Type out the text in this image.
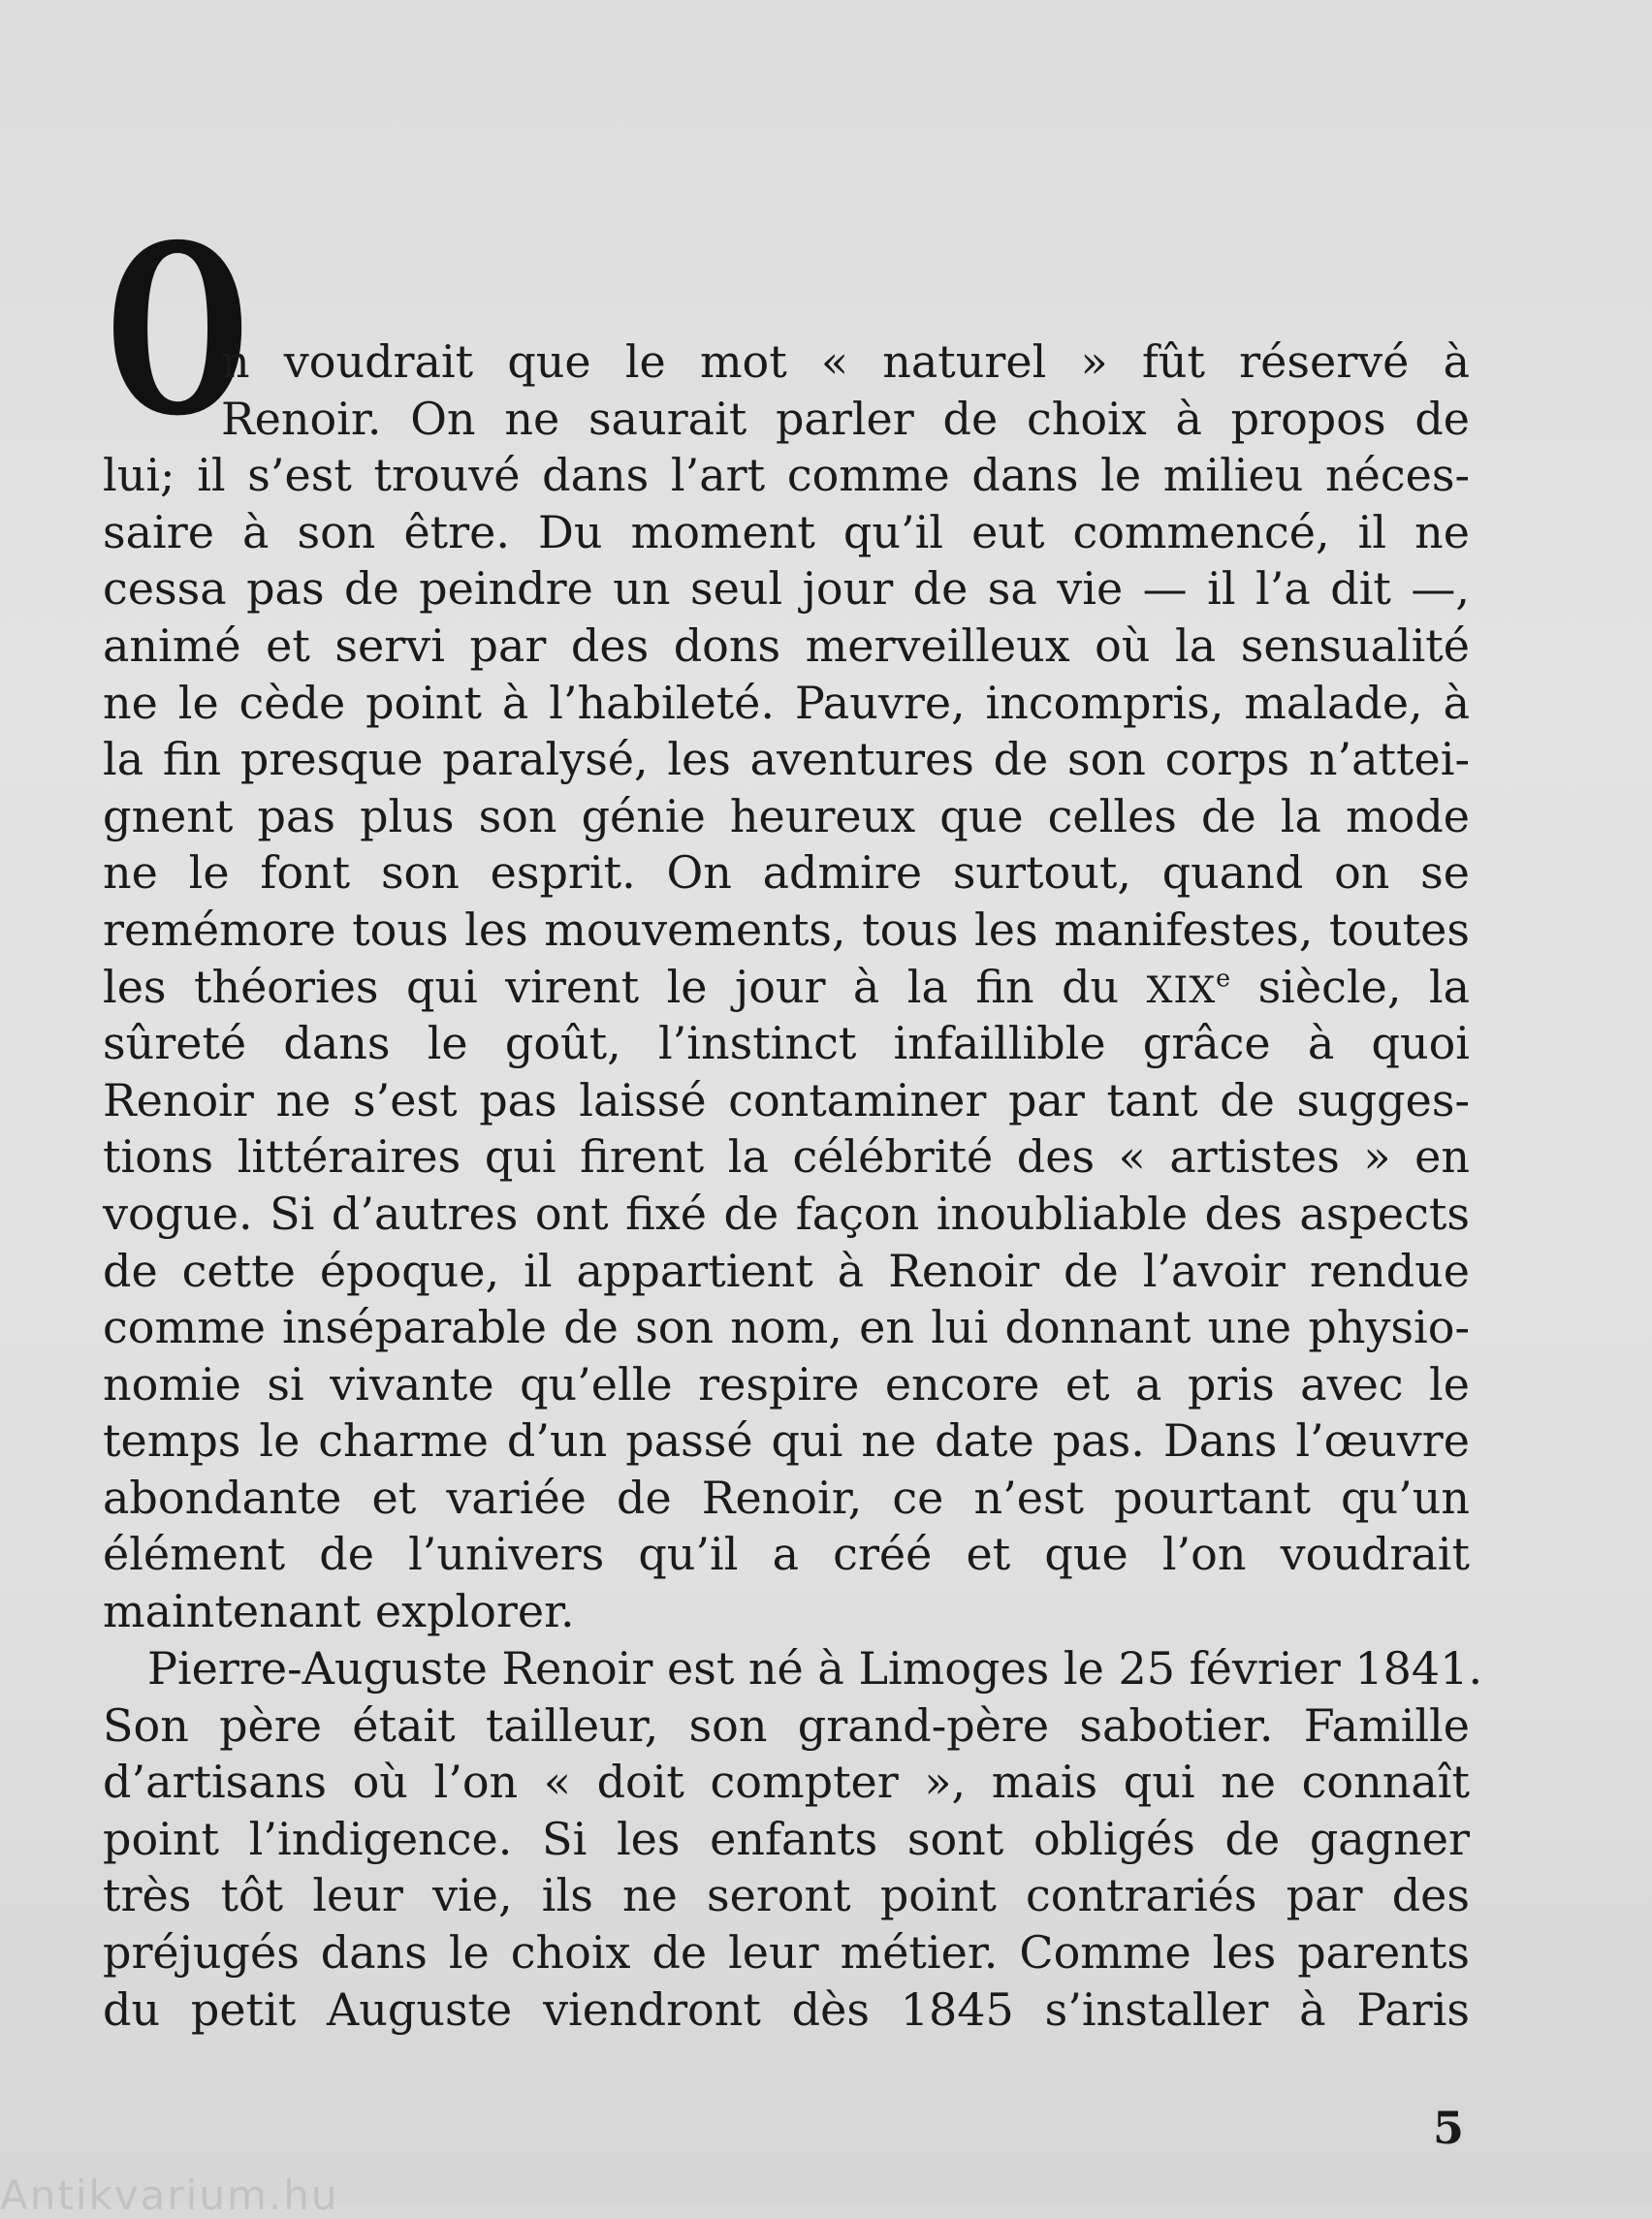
O
n voudrait que le mot « naturel » fût réservé à
Renoir. On ne saurait parler de choix à propos de
lui; il s’est trouvé dans l’art comme dans le milieu néces-
saire à son être. Du moment qu’il eut commencé, il ne
cessa pas de peindre un seul jour de sa vie — il l’a dit —,
animé et servi par des dons merveilleux où la sensualité
ne le cède point à l’habileté. Pauvre, incompris, malade, à
la fin presque paralysé, les aventures de son corps n’attei-
gnent pas plus son génie heureux que celles de la mode
ne le font son esprit. On admire surtout, quand on se
remémore tous les mouvements, tous les manifestes, toutes
les théories qui virent le jour à la fin du XIXe siècle, la
sûreté dans le goût, l’instinct infaillible grâce à quoi
Renoir ne s’est pas laissé contaminer par tant de sugges-
tions littéraires qui firent la célébrité des « artistes » en
vogue. Si d’autres ont fixé de façon inoubliable des aspects
de cette époque, il appartient à Renoir de l’avoir rendue
comme inséparable de son nom, en lui donnant une physio-
nomie si vivante qu’elle respire encore et a pris avec le
temps le charme d’un passé qui ne date pas. Dans l’œuvre
abondante et variée de Renoir, ce n’est pourtant qu’un
élément de l’univers qu’il a créé et que l’on voudrait
maintenant explorer.
Pierre-Auguste Renoir est né à Limoges le 25 février 1841.
Son père était tailleur, son grand-père sabotier. Famille
d’artisans où l’on « doit compter », mais qui ne connaît
point l’indigence. Si les enfants sont obligés de gagner
très tôt leur vie, ils ne seront point contrariés par des
préjugés dans le choix de leur métier. Comme les parents
du petit Auguste viendront dès 1845 s’installer à Paris
5
Antikvarium.hu
